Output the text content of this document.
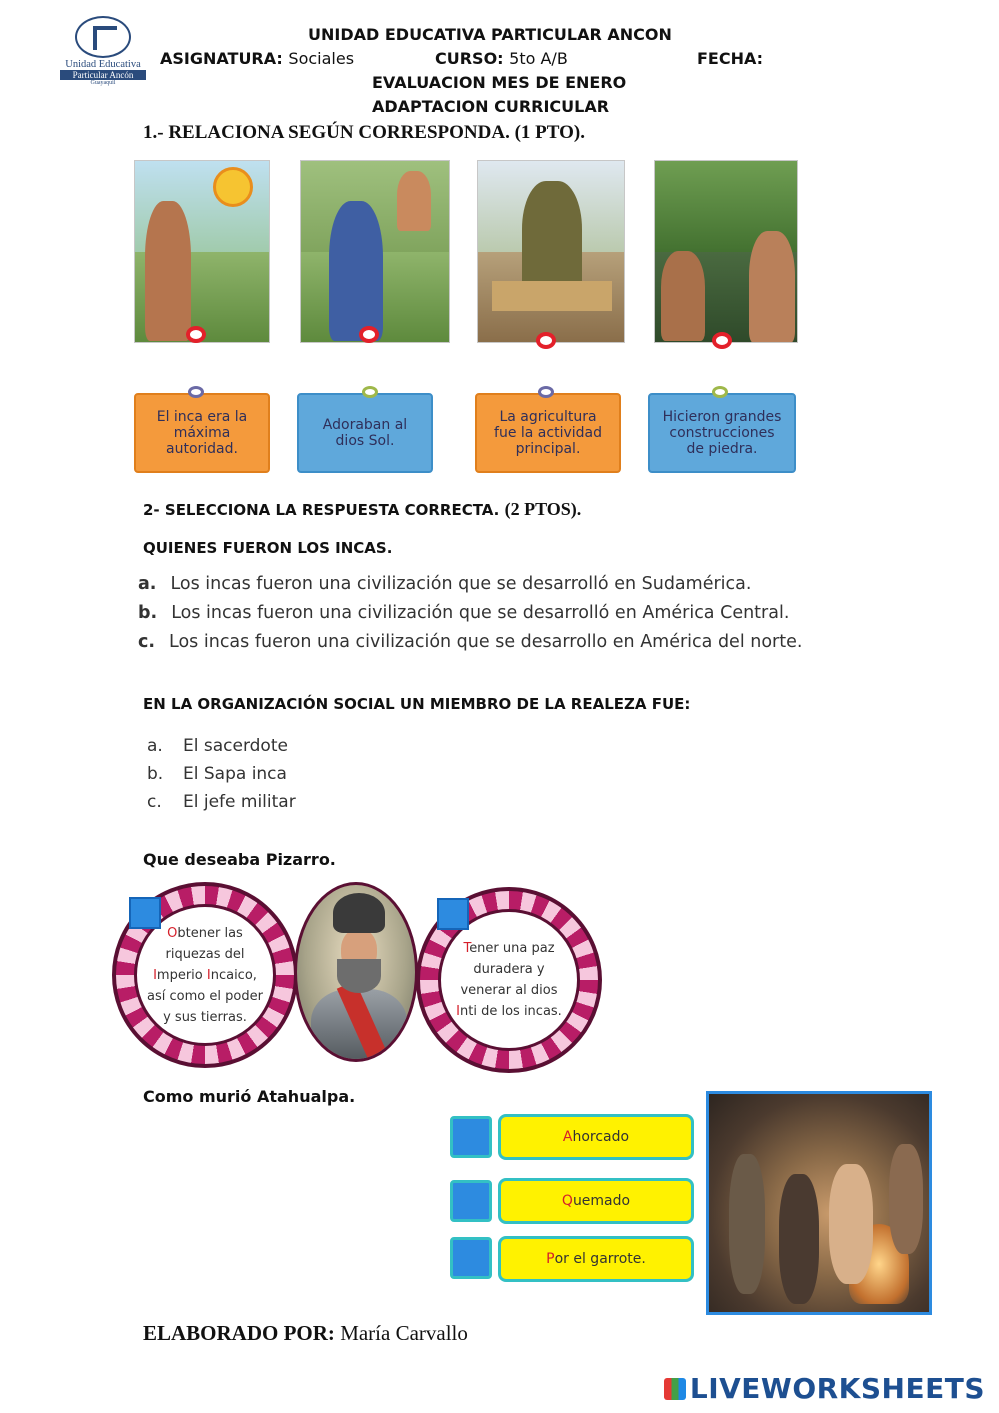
Unidad Educativa
Particular Ancón
Guayaquil
UNIDAD EDUCATIVA PARTICULAR ANCON
ASIGNATURA: Sociales	CURSO: 5to A/B	FECHA:
EVALUACION MES DE ENERO
ADAPTACION CURRICULAR
1.- RELACIONA SEGÚN CORRESPONDA. (1 PTO).
El inca era la máxima autoridad.
Adoraban al dios Sol.
La agricultura fue la actividad principal.
Hicieron grandes construcciones de piedra.
2- SELECCIONA LA RESPUESTA CORRECTA. (2 PTOS).
QUIENES FUERON LOS INCAS.
a. Los incas fueron una civilización que se desarrolló en Sudamérica.
b. Los incas fueron una civilización que se desarrolló en América Central.
c. Los incas fueron una civilización que se desarrollo en América del norte.
EN LA ORGANIZACIÓN SOCIAL UN MIEMBRO DE LA REALEZA FUE:
a. El sacerdote
b. El Sapa inca
c. El jefe militar
Que deseaba Pizarro.
Obtener las
riquezas del
Imperio Incaico,
así como el poder
y sus tierras.
Tener una paz
duradera y
venerar al dios
Inti de los incas.
Como murió Atahualpa.
A horcado
Q uemado
P or el garrote.
ELABORADO POR: María Carvallo
LIVEWORKSHEETS
